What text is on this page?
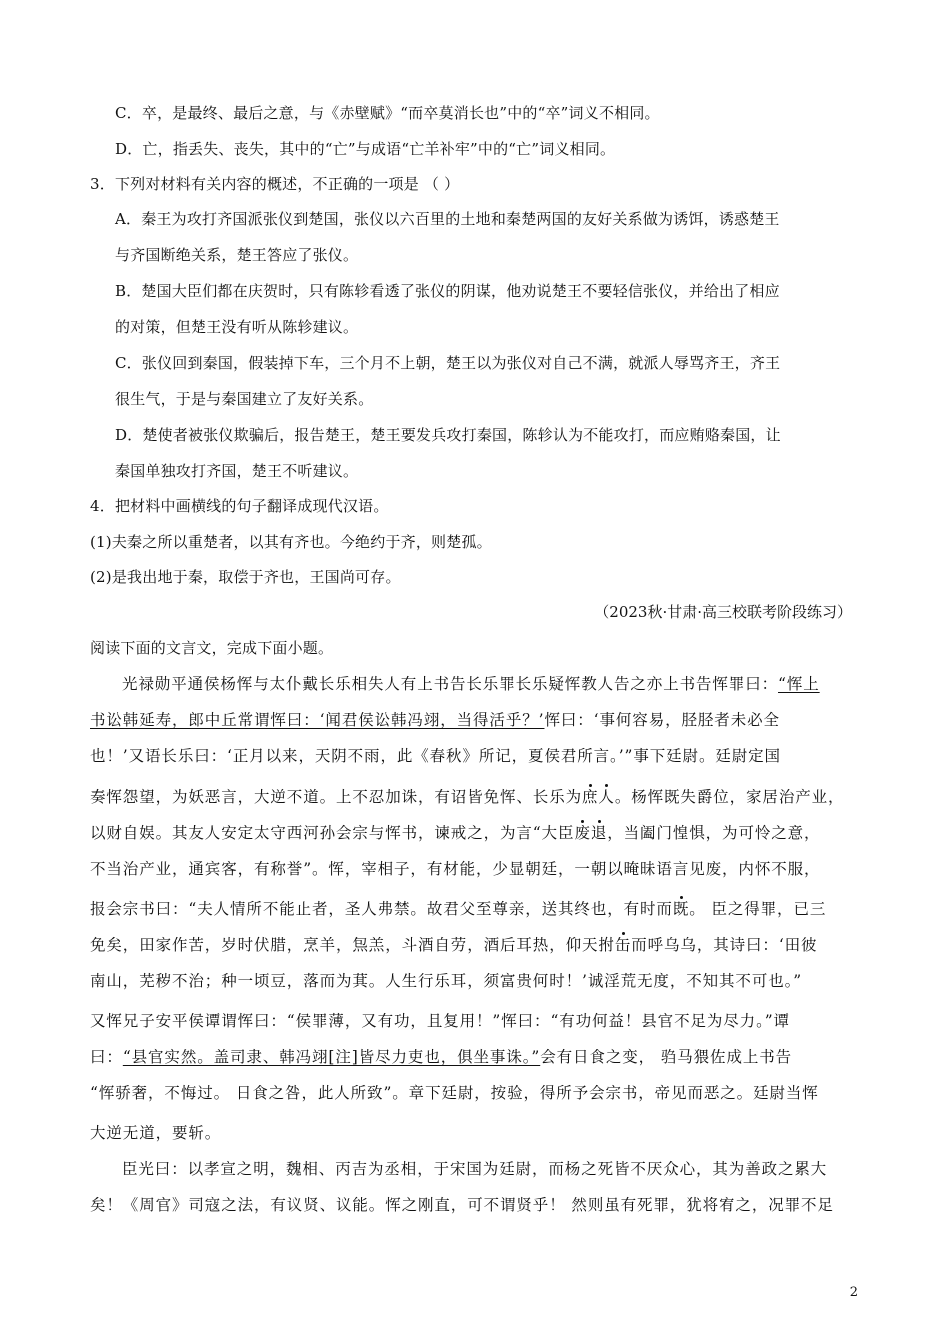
C．卒，是最终、最后之意，与《赤壁赋》“而卒莫消长也”中的“卒”词义不相同。
D．亡，指丢失、丧失，其中的“亡”与成语“亡羊补牢”中的“亡”词义相同。
3．下列对材料有关内容的概述，不正确的一项是 （ ）
A．秦王为攻打齐国派张仪到楚国，张仪以六百里的土地和秦楚两国的友好关系做为诱饵，诱惑楚王
与齐国断绝关系，楚王答应了张仪。
B．楚国大臣们都在庆贺时，只有陈轸看透了张仪的阴谋，他劝说楚王不要轻信张仪，并给出了相应
的对策，但楚王没有听从陈轸建议。
C．张仪回到秦国，假装掉下车，三个月不上朝，楚王以为张仪对自己不满，就派人辱骂齐王，齐王
很生气，于是与秦国建立了友好关系。
D．楚使者被张仪欺骗后，报告楚王，楚王要发兵攻打秦国，陈轸认为不能攻打，而应贿赂秦国，让
秦国单独攻打齐国，楚王不听建议。
4．把材料中画横线的句子翻译成现代汉语。
(1)夫秦之所以重楚者，以其有齐也。今绝约于齐，则楚孤。
(2)是我出地于秦，取偿于齐也，王国尚可存。
（2023秋·甘肃·高三校联考阶段练习）
阅读下面的文言文，完成下面小题。
光禄勋平通侯杨恽与太仆戴长乐相失人有上书告长乐罪长乐疑恽教人告之亦上书告恽罪曰：“恽上
书讼韩延寿，郎中丘常谓恽曰：‘闻君侯讼韩冯翊，当得活乎？’恽曰：‘事何容易，胫胫者未必全
也！’又语长乐曰：‘正月以来，天阴不雨，此《春秋》所记，夏侯君所言。’”事下廷尉。廷尉定国
奏恽怨望，为妖恶言，大逆不道。上不忍加诛，有诏皆免恽、长乐为庶人。杨恽既失爵位，家居治产业，
以财自娱。其友人安定太守西河孙会宗与恽书，谏戒之，为言“大臣废退，当阖门惶惧，为可怜之意，
不当治产业，通宾客，有称誉”。恽，宰相子，有材能，少显朝廷，一朝以晻昧语言见废，内怀不服，
报会宗书曰：“夫人情所不能止者，圣人弗禁。故君父至尊亲，送其终也，有时而既。 臣之得罪，已三
免矣，田家作苦，岁时伏腊，烹羊，炰羔，斗酒自劳，酒后耳热，仰天拊缶而呼乌乌，其诗曰：‘田彼
南山，芜秽不治；种一顷豆，落而为萁。人生行乐耳，须富贵何时！’诚淫荒无度，不知其不可也。”
又恽兄子安平侯谭谓恽曰：“侯罪薄，又有功，且复用！”恽曰：“有功何益！县官不足为尽力。”谭
曰：“县官实然。盖司隶、韩冯翊[注]皆尽力吏也，俱坐事诛。”会有日食之变， 驺马猥佐成上书告
“恽骄奢，不悔过。 日食之咎，此人所致”。章下廷尉，按验，得所予会宗书，帝见而恶之。廷尉当恽
大逆无道，要斩。
臣光曰：以孝宣之明，魏相、丙吉为丞相，于宋国为廷尉，而杨之死皆不厌众心，其为善政之累大
矣！《周官》司寇之法，有议贤、议能。恽之刚直，可不谓贤乎！ 然则虽有死罪，犹将宥之，况罪不足
2
